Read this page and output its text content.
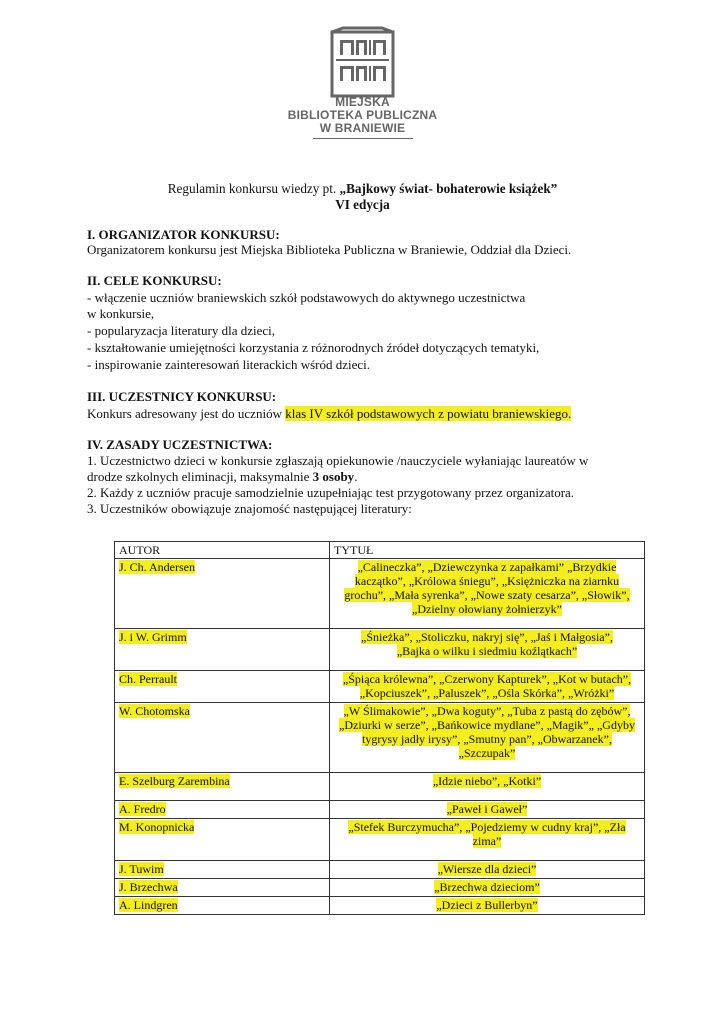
MIEJSKA
BIBLIOTEKA PUBLICZNA
W BRANIEWIE
Regulamin konkursu wiedzy pt. „Bajkowy świat- bohaterowie książek”
VI edycja
I. ORGANIZATOR KONKURSU:
Organizatorem konkursu jest Miejska Biblioteka Publiczna w Braniewie, Oddział dla Dzieci.
II. CELE KONKURSU:
- włączenie uczniów braniewskich szkół podstawowych do aktywnego uczestnictwa
w konkursie,
- popularyzacja literatury dla dzieci,
- kształtowanie umiejętności korzystania z różnorodnych źródeł dotyczących tematyki,
- inspirowanie zainteresowań literackich wśród dzieci.
III. UCZESTNICY KONKURSU:
Konkurs adresowany jest do uczniów klas IV szkół podstawowych z powiatu braniewskiego.
IV. ZASADY UCZESTNICTWA:
1. Uczestnictwo dzieci w konkursie zgłaszają opiekunowie /nauczyciele wyłaniając laureatów w
drodze szkolnych eliminacji, maksymalnie 3 osoby.
2. Każdy z uczniów pracuje samodzielnie uzupełniając test przygotowany przez organizatora.
3. Uczestników obowiązuje znajomość następującej literatury:
AUTOR	TYTUŁ
J. Ch. Andersen	„Calineczka”, „Dziewczynka z zapałkami” „Brzydkie
kaczątko”, „Królowa śniegu”, „Księżniczka na ziarnku
grochu”, „Mała syrenka”, „Nowe szaty cesarza”, „Słowik”,
„Dzielny ołowiany żołnierzyk”
J. i W. Grimm	„Śnieżka”, „Stoliczku, nakryj się”, „Jaś i Małgosia”,
„Bajka o wilku i siedmiu koźlątkach”
Ch. Perrault	„Śpiąca królewna”, „Czerwony Kapturek”, „Kot w butach”,
„Kopciuszek”, „Paluszek”, „Ośla Skórka”, „Wróżki”
W. Chotomska	„W Ślimakowie”, „Dwa koguty”, „Tuba z pastą do zębów”,
„Dziurki w serze”, „Bańkowice mydlane”, „Magik”„ „Gdyby
tygrysy jadły irysy”, „Smutny pan”, „Obwarzanek”,
„Szczupak”
E. Szelburg Zarembina	„Idzie niebo”, „Kotki”
A. Fredro	„Paweł i Gaweł”
M. Konopnicka	„Stefek Burczymucha”, „Pojedziemy w cudny kraj”, „Zła
zima”
J. Tuwim	„Wiersze dla dzieci”
J. Brzechwa	„Brzechwa dzieciom”
A. Lindgren	„Dzieci z Bullerbyn”
